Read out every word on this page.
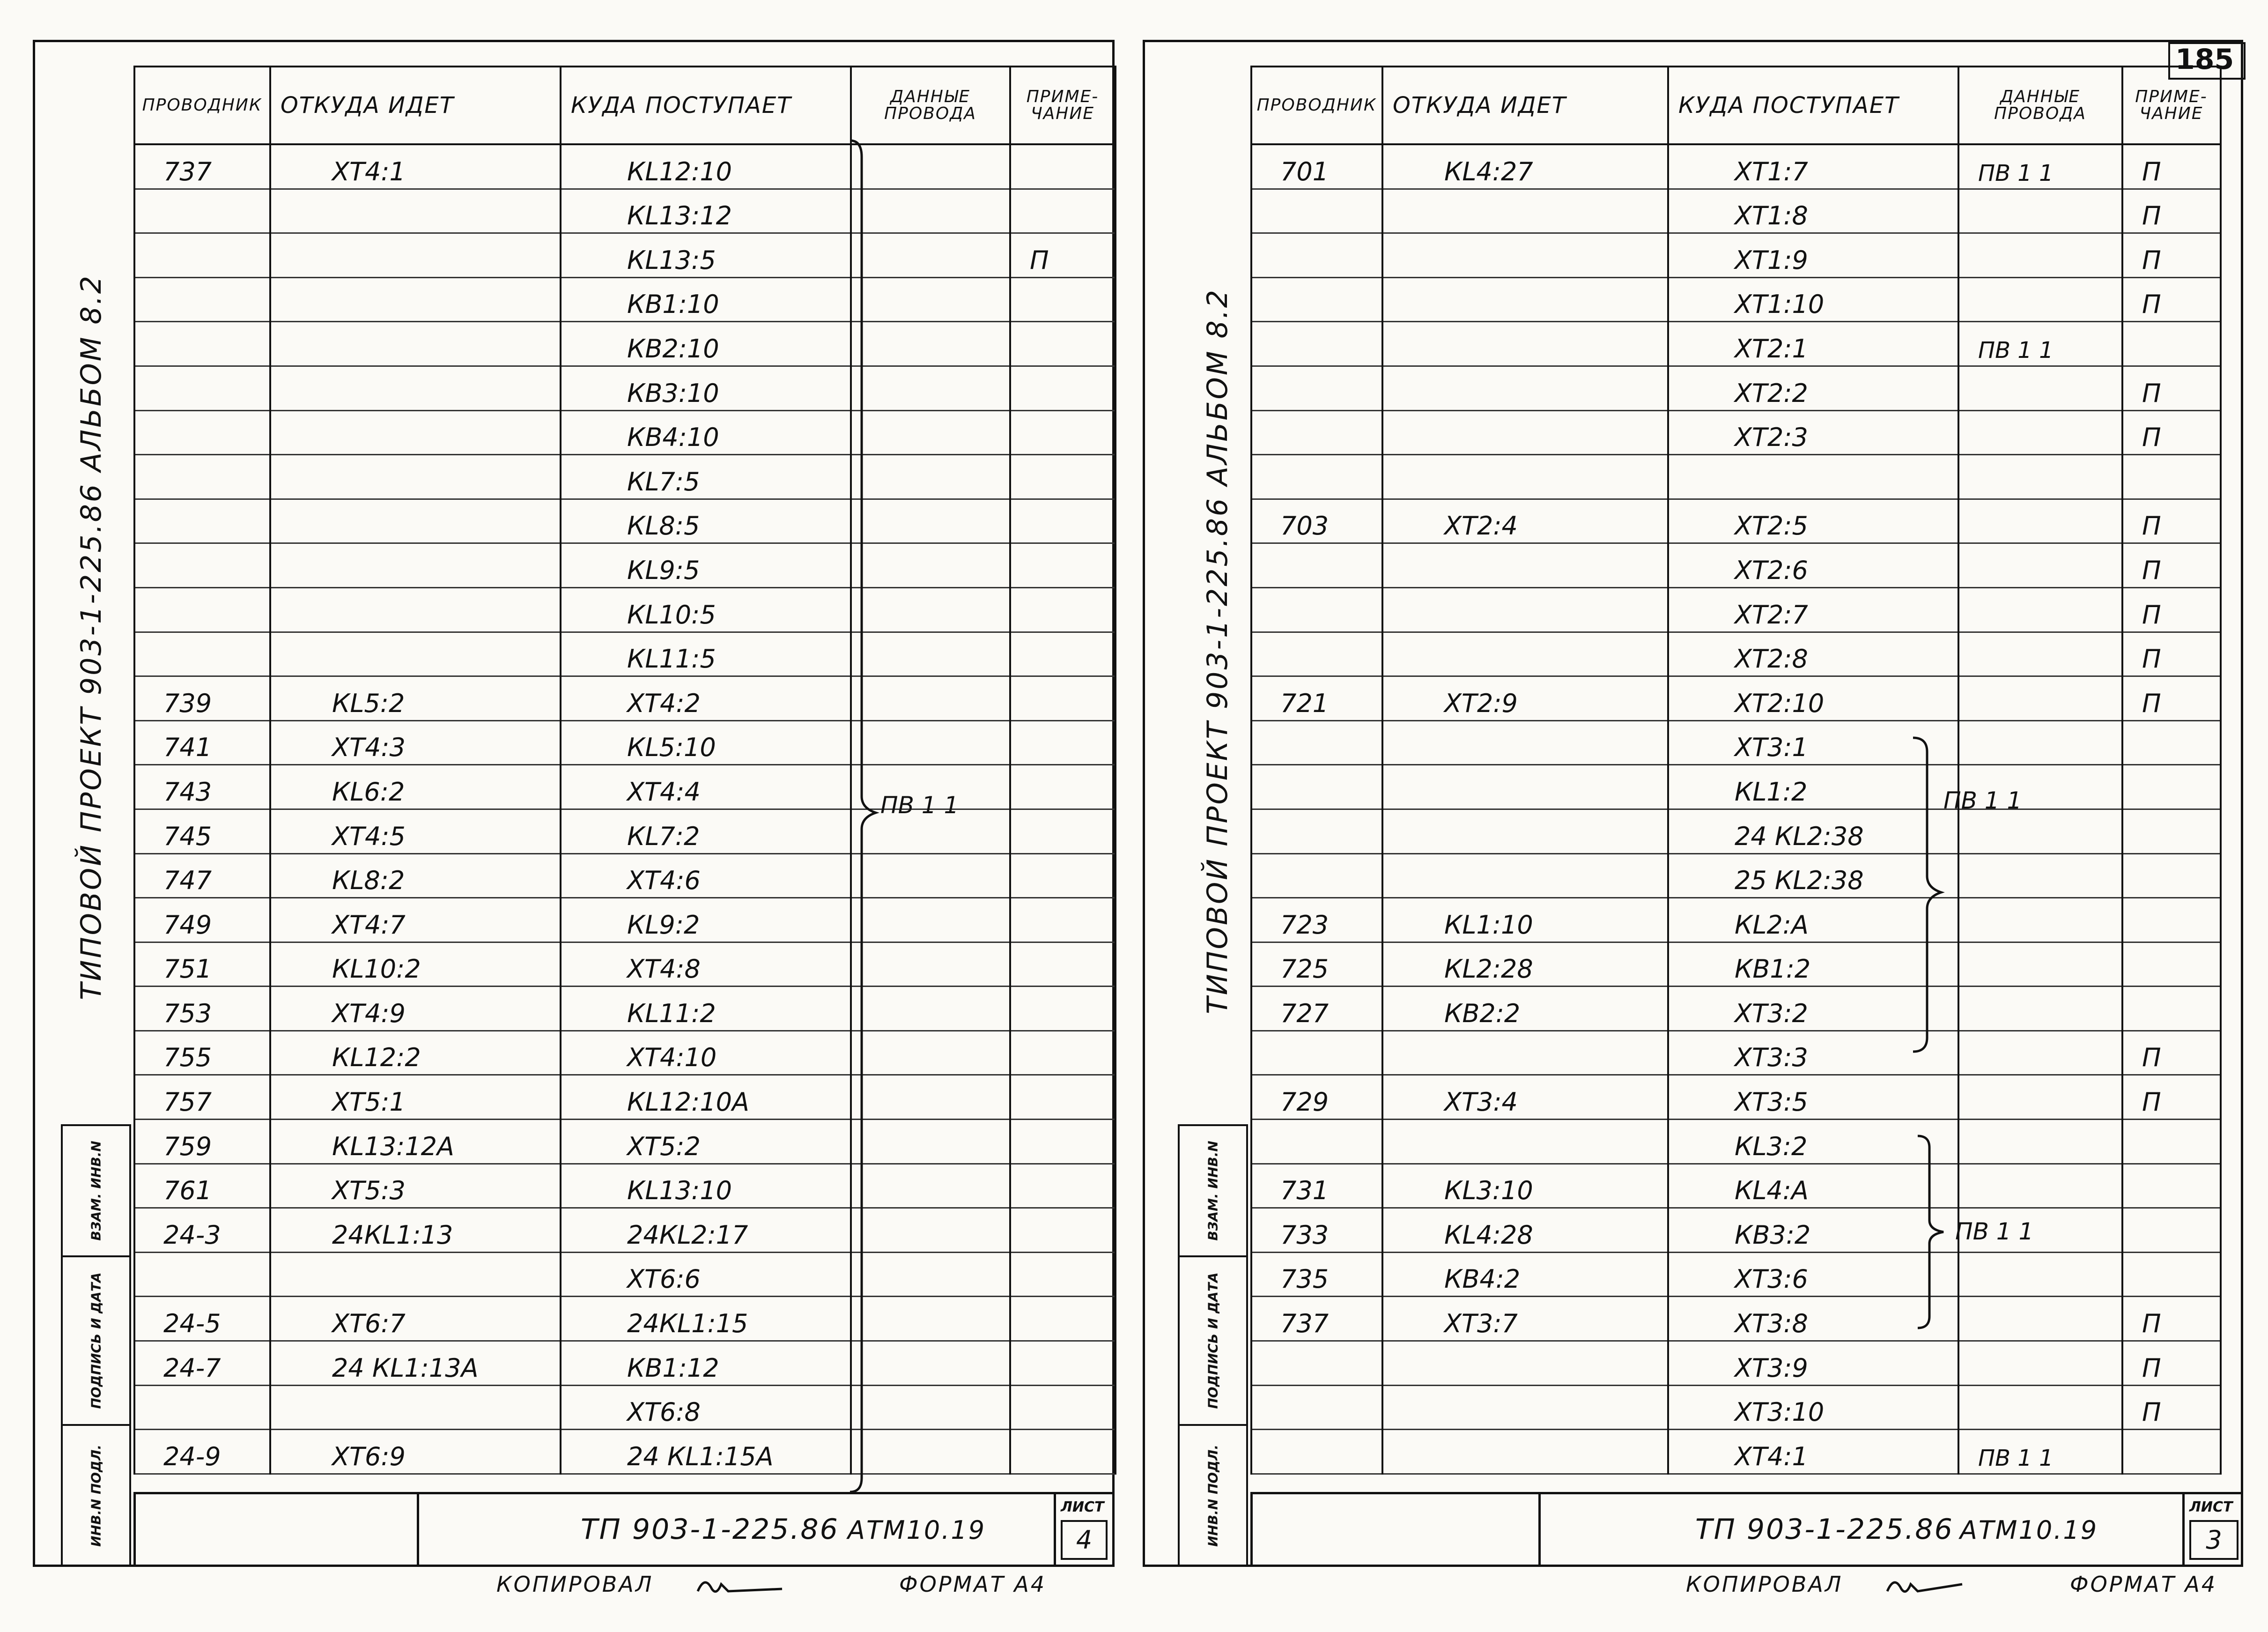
ТИПОВОЙ ПРОЕКТ 903-1-225.86 АЛЬБОМ 8.2
ВЗАМ. ИНВ.N
ПОДПИСЬ И ДАТА
ИНВ.N ПОДЛ.
ПРОВОДНИК	ОТКУДА ИДЕТ	КУДА ПОСТУПАЕТ	ДАННЫЕ ПРОВОДА	ПРИМЕ- ЧАНИЕ
737	ХТ4:1	КL12:10		
		КL13:12		
		КL13:5		П
		КВ1:10		
		КВ2:10		
		КВ3:10		
		КВ4:10		
		КL7:5		
		КL8:5		
		КL9:5		
		КL10:5		
		КL11:5		
739	КL5:2	ХТ4:2		
741	ХТ4:3	КL5:10		
743	КL6:2	ХТ4:4		
745	ХТ4:5	КL7:2		
747	КL8:2	ХТ4:6		
749	ХТ4:7	КL9:2		
751	КL10:2	ХТ4:8		
753	ХТ4:9	КL11:2		
755	КL12:2	ХТ4:10		
757	ХТ5:1	КL12:10А		
759	КL13:12А	ХТ5:2		
761	ХТ5:3	КL13:10		
24-3	24КL1:13	24КL2:17		
		ХТ6:6		
24-5	ХТ6:7	24КL1:15		
24-7	24 КL1:13А	КВ1:12		
		ХТ6:8		
24-9	ХТ6:9	24 КL1:15А		
ПВ 1 1
ТП 903-1-225.86 АТМ10.19
ЛИСТ
4
КОПИРОВАЛ	ФОРМАТ А4
185
ТИПОВОЙ ПРОЕКТ 903-1-225.86 АЛЬБОМ 8.2
ВЗАМ. ИНВ.N
ПОДПИСЬ И ДАТА
ИНВ.N ПОДЛ.
ПРОВОДНИК	ОТКУДА ИДЕТ	КУДА ПОСТУПАЕТ	ДАННЫЕ ПРОВОДА	ПРИМЕ- ЧАНИЕ
701	КL4:27	ХТ1:7	ПВ 1 1	П
		ХТ1:8		П
		ХТ1:9		П
		ХТ1:10		П
		ХТ2:1	ПВ 1 1	
		ХТ2:2		П
		ХТ2:3		П

703	ХТ2:4	ХТ2:5		П
		ХТ2:6		П
		ХТ2:7		П
		ХТ2:8		П
721	ХТ2:9	ХТ2:10		П
		ХТ3:1		
		КL1:2		
		24 КL2:38		
		25 КL2:38		
723	КL1:10	КL2:А		
725	КL2:28	КВ1:2		
727	КВ2:2	ХТ3:2		
		ХТ3:3		П
729	ХТ3:4	ХТ3:5		П
		КL3:2		
731	КL3:10	КL4:А		
733	КL4:28	КВ3:2		
735	КВ4:2	ХТ3:6		
737	ХТ3:7	ХТ3:8		П
		ХТ3:9		П
		ХТ3:10		П
		ХТ4:1	ПВ 1 1	
ПВ 1 1
ПВ 1 1
ТП 903-1-225.86 АТМ10.19
ЛИСТ
3
КОПИРОВАЛ	ФОРМАТ А4
